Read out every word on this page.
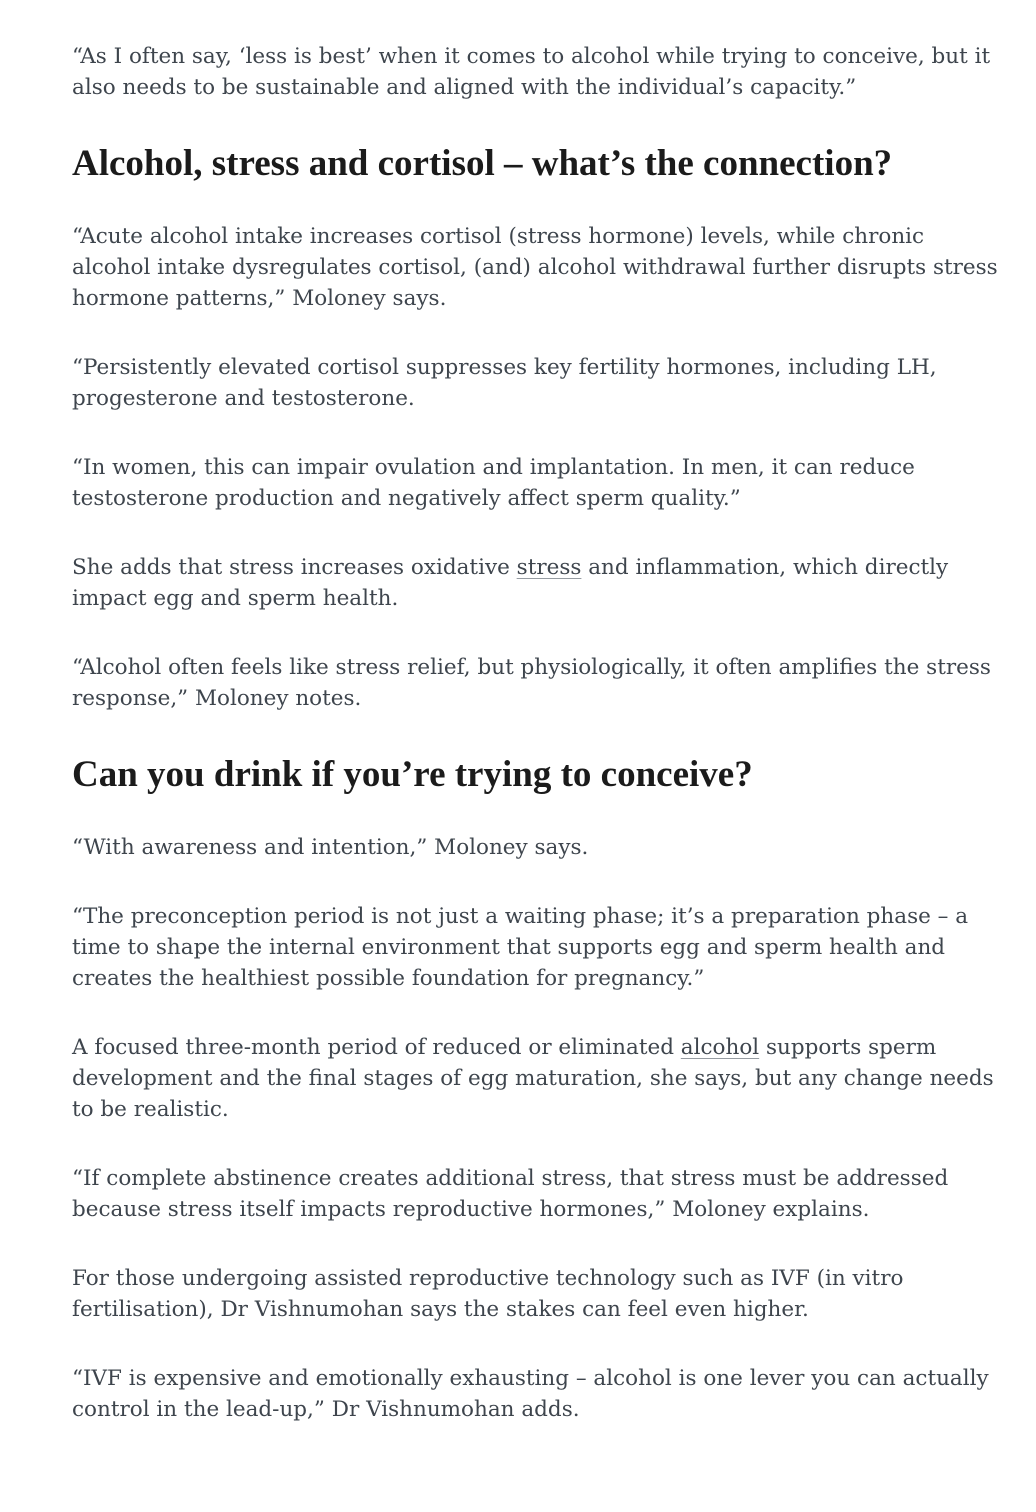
“As I often say, ‘less is best’ when it comes to alcohol while trying to conceive, but it also needs to be sustainable and aligned with the individual’s capacity.”

Alcohol, stress and cortisol – what’s the connection?

“Acute alcohol intake increases cortisol (stress hormone) levels, while chronic alcohol intake dysregulates cortisol, (and) alcohol withdrawal further disrupts stress hormone patterns,” Moloney says.

“Persistently elevated cortisol suppresses key fertility hormones, including LH, progesterone and testosterone.

“In women, this can impair ovulation and implantation. In men, it can reduce testosterone production and negatively affect sperm quality.”

She adds that stress increases oxidative stress and inflammation, which directly impact egg and sperm health.

“Alcohol often feels like stress relief, but physiologically, it often amplifies the stress response,” Moloney notes.

Can you drink if you’re trying to conceive?

“With awareness and intention,” Moloney says.

“The preconception period is not just a waiting phase; it’s a preparation phase – a time to shape the internal environment that supports egg and sperm health and creates the healthiest possible foundation for pregnancy.”

A focused three-month period of reduced or eliminated alcohol supports sperm development and the final stages of egg maturation, she says, but any change needs to be realistic.

“If complete abstinence creates additional stress, that stress must be addressed because stress itself impacts reproductive hormones,” Moloney explains.

For those undergoing assisted reproductive technology such as IVF (in vitro fertilisation), Dr Vishnumohan says the stakes can feel even higher.

“IVF is expensive and emotionally exhausting – alcohol is one lever you can actually control in the lead-up,” Dr Vishnumohan adds.
